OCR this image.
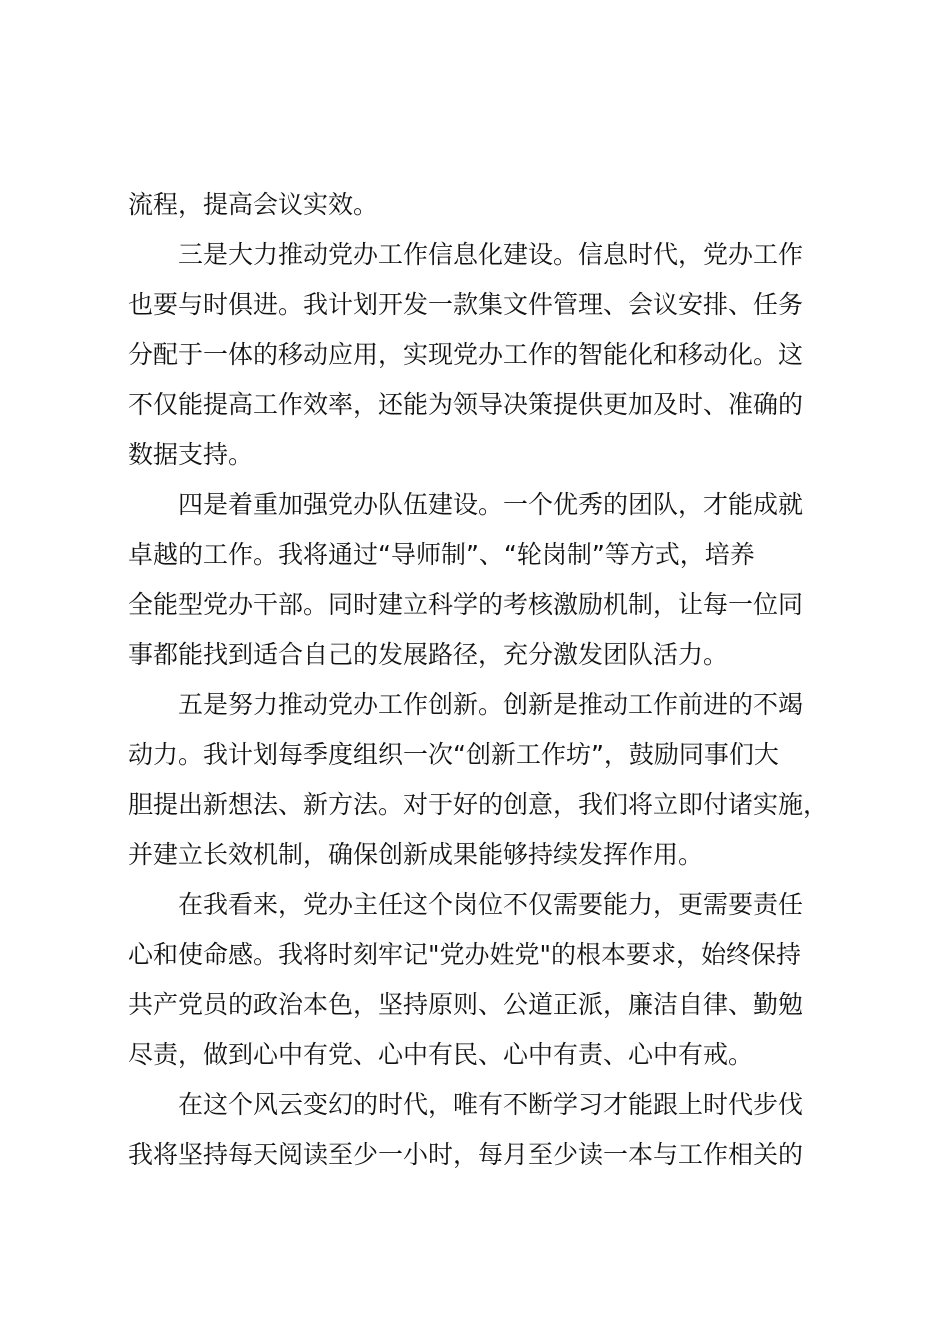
流程，提高会议实效。
三是大力推动党办工作信息化建设。信息时代，党办工作
也要与时俱进。我计划开发一款集文件管理、会议安排、任务
分配于一体的移动应用，实现党办工作的智能化和移动化。这
不仅能提高工作效率，还能为领导决策提供更加及时、准确的
数据支持。
四是着重加强党办队伍建设。一个优秀的团队，才能成就
卓越的工作。我将通过“导师制”、“轮岗制”等方式，培养
全能型党办干部。同时建立科学的考核激励机制，让每一位同
事都能找到适合自己的发展路径，充分激发团队活力。
五是努力推动党办工作创新。创新是推动工作前进的不竭
动力。我计划每季度组织一次“创新工作坊”，鼓励同事们大
胆提出新想法、新方法。对于好的创意，我们将立即付诸实施，
并建立长效机制，确保创新成果能够持续发挥作用。
在我看来，党办主任这个岗位不仅需要能力，更需要责任
心和使命感。我将时刻牢记"党办姓党"的根本要求，始终保持
共产党员的政治本色，坚持原则、公道正派，廉洁自律、勤勉
尽责，做到心中有党、心中有民、心中有责、心中有戒。
在这个风云变幻的时代，唯有不断学习才能跟上时代步伐
我将坚持每天阅读至少一小时，每月至少读一本与工作相关的
